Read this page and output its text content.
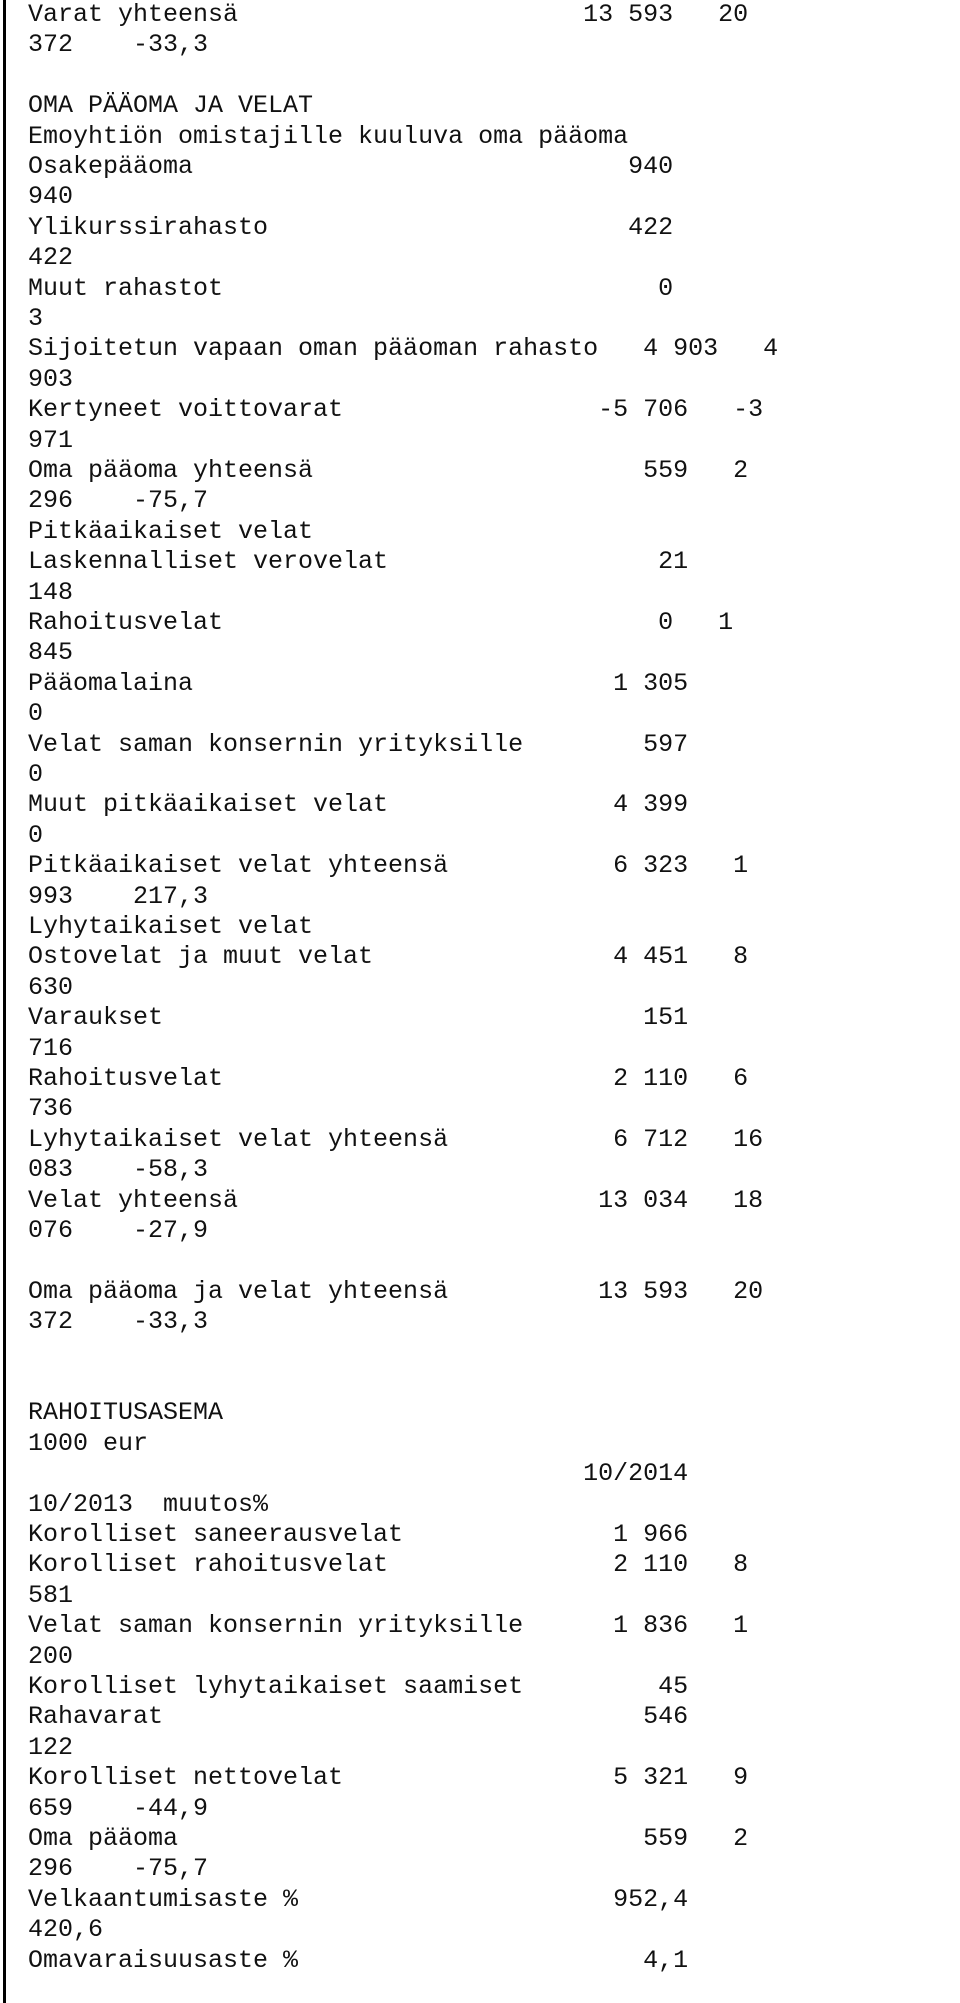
Varat yhteensä                       13 593   20
372    -33,3
OMA PÄÄOMA JA VELAT
Emoyhtiön omistajille kuuluva oma pääoma
Osakepääoma                             940
940
Ylikurssirahasto                        422
422
Muut rahastot                             0
3
Sijoitetun vapaan oman pääoman rahasto   4 903   4
903
Kertyneet voittovarat                 -5 706   -3
971
Oma pääoma yhteensä                      559   2
296    -75,7
Pitkäaikaiset velat
Laskennalliset verovelat                  21
148
Rahoitusvelat                             0   1
845
Pääomalaina                            1 305
0
Velat saman konsernin yrityksille        597
0
Muut pitkäaikaiset velat               4 399
0
Pitkäaikaiset velat yhteensä           6 323   1
993    217,3
Lyhytaikaiset velat
Ostovelat ja muut velat                4 451   8
630
Varaukset                                151
716
Rahoitusvelat                          2 110   6
736
Lyhytaikaiset velat yhteensä           6 712   16
083    -58,3
Velat yhteensä                        13 034   18
076    -27,9
Oma pääoma ja velat yhteensä          13 593   20
372    -33,3
RAHOITUSASEMA
1000 eur
10/2014
10/2013  muutos%
Korolliset saneerausvelat              1 966
Korolliset rahoitusvelat               2 110   8
581
Velat saman konsernin yrityksille      1 836   1
200
Korolliset lyhytaikaiset saamiset         45
Rahavarat                                546
122
Korolliset nettovelat                  5 321   9
659    -44,9
Oma pääoma                               559   2
296    -75,7
Velkaantumisaste %                     952,4
420,6
Omavaraisuusaste %                       4,1
